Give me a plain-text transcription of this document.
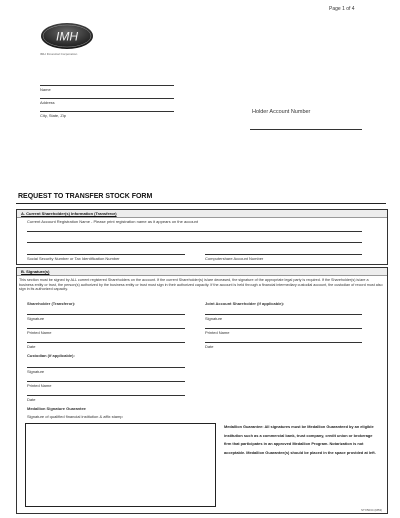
Page 1 of 4
IMH
IMH Financial Corporation
Name
Address
City, State, Zip
Holder Account Number
REQUEST TO TRANSFER STOCK FORM
A. Current Shareholder(s) Information (Transferor)
Current Account Registration Name - Please print registration name as it appears on the account
Social Security Number or Tax Identification Number	Computershare Account Number
B. Signature(s)
This section must be signed by ALL current registered Shareholders on the account. If the current Shareholder(s) is/are deceased, the signature of the appropriate legal party is required. If the Shareholder(s) is/are a business entity or trust, the person(s) authorized by the business entity or trust must sign in their authorized capacity. If the account is held through a financial intermediary custodial account, the custodian of record must also sign in its authorized capacity.
Shareholder (Transferor):
Signature
Printed Name
Date
Joint Account Shareholder (if applicable):
Signature
Printed Name
Date
Custodian (if applicable):
Signature
Printed Name
Date
Medallion Signature Guarantee
Signature of qualified financial institution & affix stamp
Medallion Guarantee: All signatures must be Medallion Guaranteed by an eligible institution such as a commercial bank, trust company, credit union or brokerage firm that participates in an approved Medallion Program. Notarization is not acceptable. Medallion Guarantee(s) should be placed in the space provided at left.
STX5034 (RB3)
